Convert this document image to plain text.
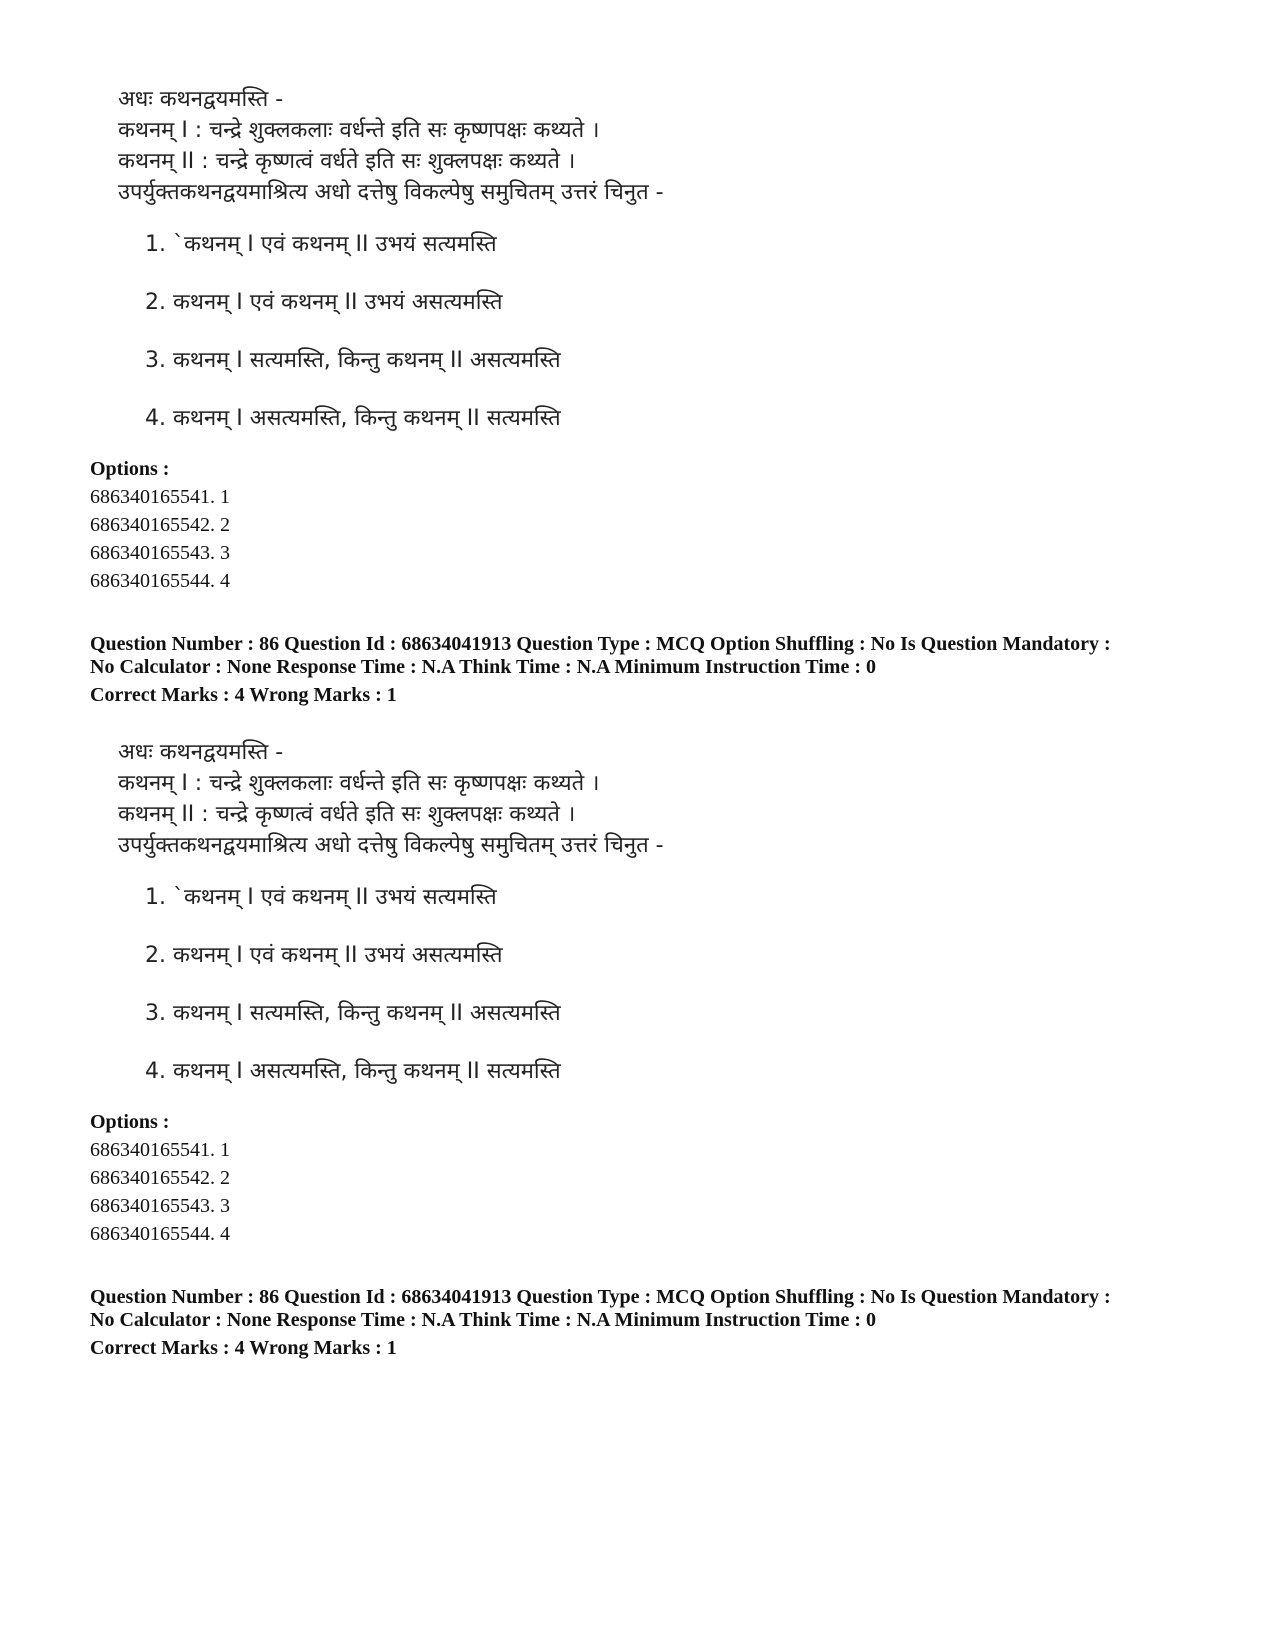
अधः कथनद्वयमस्ति -
कथनम् I : चन्द्रे शुक्लकलाः वर्धन्ते इति सः कृष्णपक्षः कथ्यते ।
कथनम् II : चन्द्रे कृष्णत्वं वर्धते इति सः शुक्लपक्षः कथ्यते ।
उपर्युक्तकथनद्वयमाश्रित्य अधो दत्तेषु विकल्पेषु समुचितम् उत्तरं चिनुत -
1. `कथनम् I एवं कथनम् II उभयं सत्यमस्ति
2. कथनम् I एवं कथनम् II उभयं असत्यमस्ति
3. कथनम् I सत्यमस्ति, किन्तु कथनम् II असत्यमस्ति
4. कथनम् I असत्यमस्ति, किन्तु कथनम् II सत्यमस्ति
Options :
686340165541. 1
686340165542. 2
686340165543. 3
686340165544. 4
Question Number : 86 Question Id : 68634041913 Question Type : MCQ Option Shuffling : No Is Question Mandatory :
No Calculator : None Response Time : N.A Think Time : N.A Minimum Instruction Time : 0
Correct Marks : 4 Wrong Marks : 1
अधः कथनद्वयमस्ति -
कथनम् I : चन्द्रे शुक्लकलाः वर्धन्ते इति सः कृष्णपक्षः कथ्यते ।
कथनम् II : चन्द्रे कृष्णत्वं वर्धते इति सः शुक्लपक्षः कथ्यते ।
उपर्युक्तकथनद्वयमाश्रित्य अधो दत्तेषु विकल्पेषु समुचितम् उत्तरं चिनुत -
1. `कथनम् I एवं कथनम् II उभयं सत्यमस्ति
2. कथनम् I एवं कथनम् II उभयं असत्यमस्ति
3. कथनम् I सत्यमस्ति, किन्तु कथनम् II असत्यमस्ति
4. कथनम् I असत्यमस्ति, किन्तु कथनम् II सत्यमस्ति
Options :
686340165541. 1
686340165542. 2
686340165543. 3
686340165544. 4
Question Number : 86 Question Id : 68634041913 Question Type : MCQ Option Shuffling : No Is Question Mandatory :
No Calculator : None Response Time : N.A Think Time : N.A Minimum Instruction Time : 0
Correct Marks : 4 Wrong Marks : 1
